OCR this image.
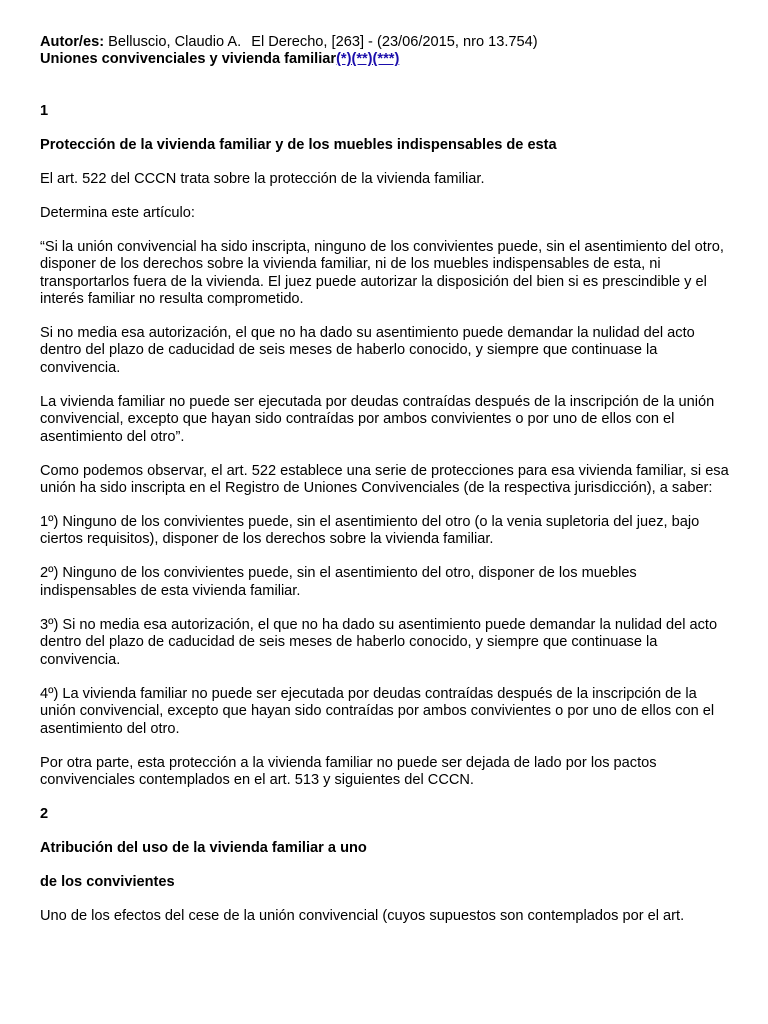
Autor/es: Belluscio, Claudio A. El Derecho, [263] - (23/06/2015, nro 13.754)
Uniones convivenciales y vivienda familiar(*)(**)(***)

1

Protección de la vivienda familiar y de los muebles indispensables de esta

El art. 522 del CCCN trata sobre la protección de la vivienda familiar.

Determina este artículo:

“Si la unión convivencial ha sido inscripta, ninguno de los convivientes puede, sin el asentimiento del otro, disponer de los derechos sobre la vivienda familiar, ni de los muebles indispensables de esta, ni transportarlos fuera de la vivienda. El juez puede autorizar la disposición del bien si es prescindible y el interés familiar no resulta comprometido.

Si no media esa autorización, el que no ha dado su asentimiento puede demandar la nulidad del acto dentro del plazo de caducidad de seis meses de haberlo conocido, y siempre que continuase la convivencia.

La vivienda familiar no puede ser ejecutada por deudas contraídas después de la inscripción de la unión convivencial, excepto que hayan sido contraídas por ambos convivientes o por uno de ellos con el asentimiento del otro”.

Como podemos observar, el art. 522 establece una serie de protecciones para esa vivienda familiar, si esa unión ha sido inscripta en el Registro de Uniones Convivenciales (de la respectiva jurisdicción), a saber:

1º) Ninguno de los convivientes puede, sin el asentimiento del otro (o la venia supletoria del juez, bajo ciertos requisitos), disponer de los derechos sobre la vivienda familiar.

2º) Ninguno de los convivientes puede, sin el asentimiento del otro, disponer de los muebles indispensables de esta vivienda familiar.

3º) Si no media esa autorización, el que no ha dado su asentimiento puede demandar la nulidad del acto dentro del plazo de caducidad de seis meses de haberlo conocido, y siempre que continuase la convivencia.

4º) La vivienda familiar no puede ser ejecutada por deudas contraídas después de la inscripción de la unión convivencial, excepto que hayan sido contraídas por ambos convivientes o por uno de ellos con el asentimiento del otro.

Por otra parte, esta protección a la vivienda familiar no puede ser dejada de lado por los pactos convivenciales contemplados en el art. 513 y siguientes del CCCN.

2

Atribución del uso de la vivienda familiar a uno

de los convivientes

Uno de los efectos del cese de la unión convivencial (cuyos supuestos son contemplados por el art.
